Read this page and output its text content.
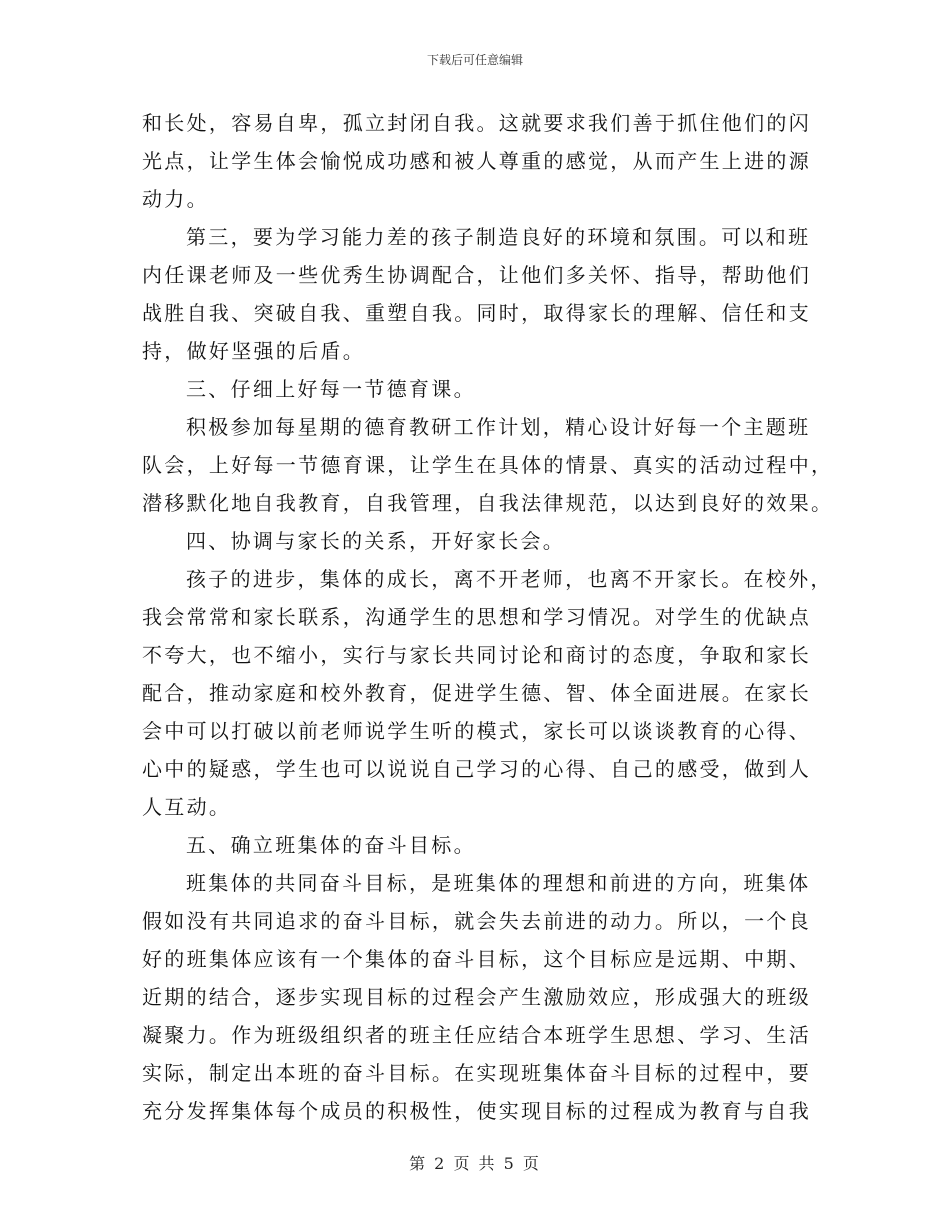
下载后可任意编辑
和长处，容易自卑，孤立封闭自我。这就要求我们善于抓住他们的闪
光点，让学生体会愉悦成功感和被人尊重的感觉，从而产生上进的源
动力。
第三，要为学习能力差的孩子制造良好的环境和氛围。可以和班
内任课老师及一些优秀生协调配合，让他们多关怀、指导，帮助他们
战胜自我、突破自我、重塑自我。同时，取得家长的理解、信任和支
持，做好坚强的后盾。
三、仔细上好每一节德育课。
积极参加每星期的德育教研工作计划，精心设计好每一个主题班
队会，上好每一节德育课，让学生在具体的情景、真实的活动过程中，
潜移默化地自我教育，自我管理，自我法律规范，以达到良好的效果。
四、协调与家长的关系，开好家长会。
孩子的进步，集体的成长，离不开老师，也离不开家长。在校外，
我会常常和家长联系，沟通学生的思想和学习情况。对学生的优缺点
不夸大，也不缩小，实行与家长共同讨论和商讨的态度，争取和家长
配合，推动家庭和校外教育，促进学生德、智、体全面进展。在家长
会中可以打破以前老师说学生听的模式，家长可以谈谈教育的心得、
心中的疑惑，学生也可以说说自己学习的心得、自己的感受，做到人
人互动。
五、确立班集体的奋斗目标。
班集体的共同奋斗目标，是班集体的理想和前进的方向，班集体
假如没有共同追求的奋斗目标，就会失去前进的动力。所以，一个良
好的班集体应该有一个集体的奋斗目标，这个目标应是远期、中期、
近期的结合，逐步实现目标的过程会产生激励效应，形成强大的班级
凝聚力。作为班级组织者的班主任应结合本班学生思想、学习、生活
实际，制定出本班的奋斗目标。在实现班集体奋斗目标的过程中，要
充分发挥集体每个成员的积极性，使实现目标的过程成为教育与自我
第 2 页 共 5 页
